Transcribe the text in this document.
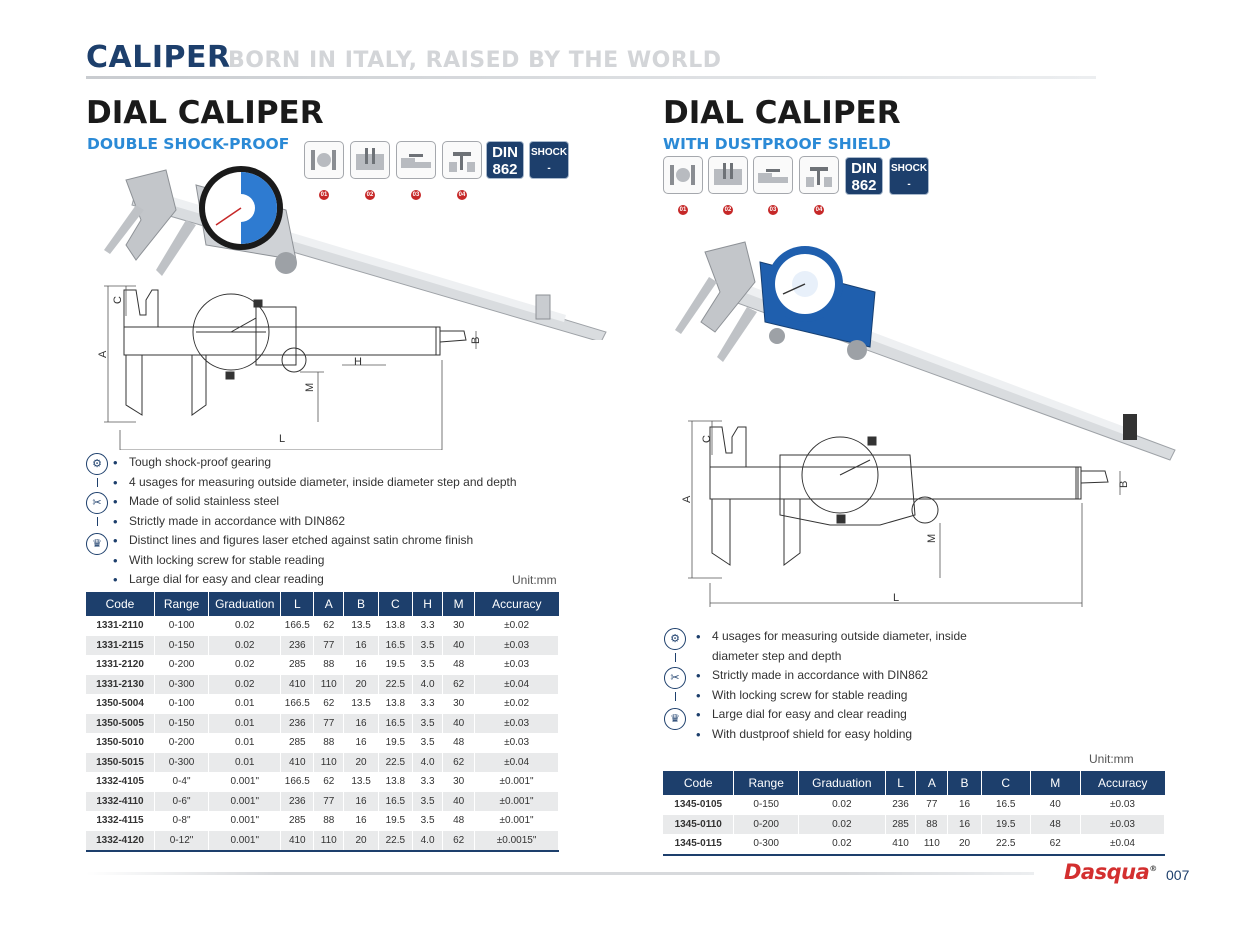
CALIPER
BORN IN ITALY, RAISED BY THE WORLD
DIAL CALIPER
DOUBLE SHOCK-PROOF
01	02	03	04
DIN
862
SHOCK
-PROOF
A
C
M
H
B
L
⚙
✂
♛
• Tough shock-proof gearing
• 4 usages for measuring outside diameter, inside diameter step and depth
• Made of solid stainless steel
• Strictly made in accordance with DIN862
• Distinct lines and figures laser etched against satin chrome finish
• With locking screw for stable reading
• Large dial for easy and clear reading	Unit:mm
Code	Range	Graduation	L	A	B	C	H	M	Accuracy
1331-2110	0-100	0.02	166.5	62	13.5	13.8	3.3	30	±0.02
1331-2115	0-150	0.02	236	77	16	16.5	3.5	40	±0.03
1331-2120	0-200	0.02	285	88	16	19.5	3.5	48	±0.03
1331-2130	0-300	0.02	410	110	20	22.5	4.0	62	±0.04
1350-5004	0-100	0.01	166.5	62	13.5	13.8	3.3	30	±0.02
1350-5005	0-150	0.01	236	77	16	16.5	3.5	40	±0.03
1350-5010	0-200	0.01	285	88	16	19.5	3.5	48	±0.03
1350-5015	0-300	0.01	410	110	20	22.5	4.0	62	±0.04
1332-4105	0-4"	0.001"	166.5	62	13.5	13.8	3.3	30	±0.001"
1332-4110	0-6"	0.001"	236	77	16	16.5	3.5	40	±0.001"
1332-4115	0-8"	0.001"	285	88	16	19.5	3.5	48	±0.001"
1332-4120	0-12"	0.001"	410	110	20	22.5	4.0	62	±0.0015"
DIAL CALIPER
WITH DUSTPROOF SHIELD
01	02	03	04
DIN
862
SHOCK
-PROOF
A
C
M
B
L
⚙
✂
♛
• 4 usages for measuring outside diameter, inside
diameter step and depth
• Strictly made in accordance with DIN862
• With locking screw for stable reading
• Large dial for easy and clear reading
• With dustproof shield for easy holding
Unit:mm
Code	Range	Graduation	L	A	B	C	M	Accuracy
1345-0105	0-150	0.02	236	77	16	16.5	40	±0.03
1345-0110	0-200	0.02	285	88	16	19.5	48	±0.03
1345-0115	0-300	0.02	410	110	20	22.5	62	±0.04
Dasqua® 007
